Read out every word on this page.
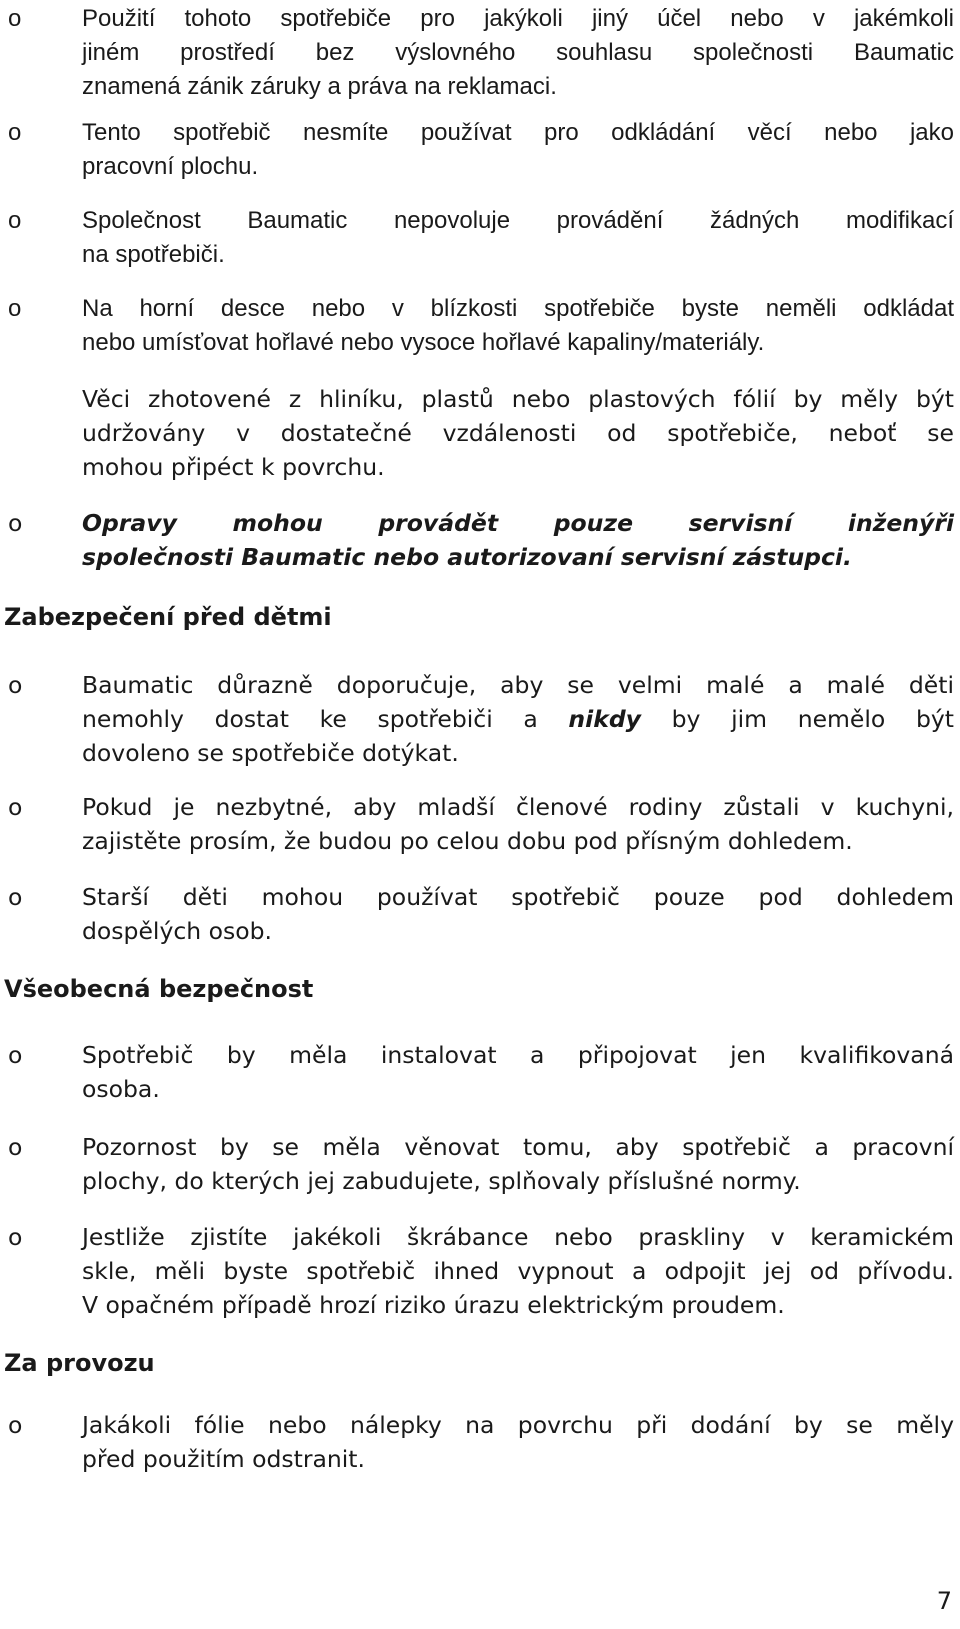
o	Použití tohoto spotřebiče pro jakýkoli jiný účel nebo v jakémkoli
jiném prostředí bez výslovného souhlasu společnosti Baumatic
znamená zánik záruky a práva na reklamaci.

o	Tento spotřebič nesmíte používat pro odkládání věcí nebo jako
pracovní plochu.

o	Společnost Baumatic nepovoluje provádění žádných modifikací
na spotřebiči.

o	Na horní desce nebo v blízkosti spotřebiče byste neměli odkládat
nebo umísťovat hořlavé nebo vysoce hořlavé kapaliny/materiály.

Věci zhotovené z hliníku, plastů nebo plastových fólií by měly být
udržovány v dostatečné vzdálenosti od spotřebiče, neboť se
mohou připéct k povrchu.

o	Opravy mohou provádět pouze servisní inženýři
společnosti Baumatic nebo autorizovaní servisní zástupci.

Zabezpečení před dětmi
o	Baumatic důrazně doporučuje, aby se velmi malé a malé děti
nemohly dostat ke spotřebiči a nikdy by jim nemělo být
dovoleno se spotřebiče dotýkat.

o	Pokud je nezbytné, aby mladší členové rodiny zůstali v kuchyni,
zajistěte prosím, že budou po celou dobu pod přísným dohledem.

o	Starší děti mohou používat spotřebič pouze pod dohledem
dospělých osob.

Všeobecná bezpečnost
o	Spotřebič by měla instalovat a připojovat jen kvalifikovaná
osoba.

o	Pozornost by se měla věnovat tomu, aby spotřebič a pracovní
plochy, do kterých jej zabudujete, splňovaly příslušné normy.

o	Jestliže zjistíte jakékoli škrábance nebo praskliny v keramickém
skle, měli byste spotřebič ihned vypnout a odpojit jej od přívodu.
V opačném případě hrozí riziko úrazu elektrickým proudem.

Za provozu
o	Jakákoli fólie nebo nálepky na povrchu při dodání by se měly
před použitím odstranit.

7
